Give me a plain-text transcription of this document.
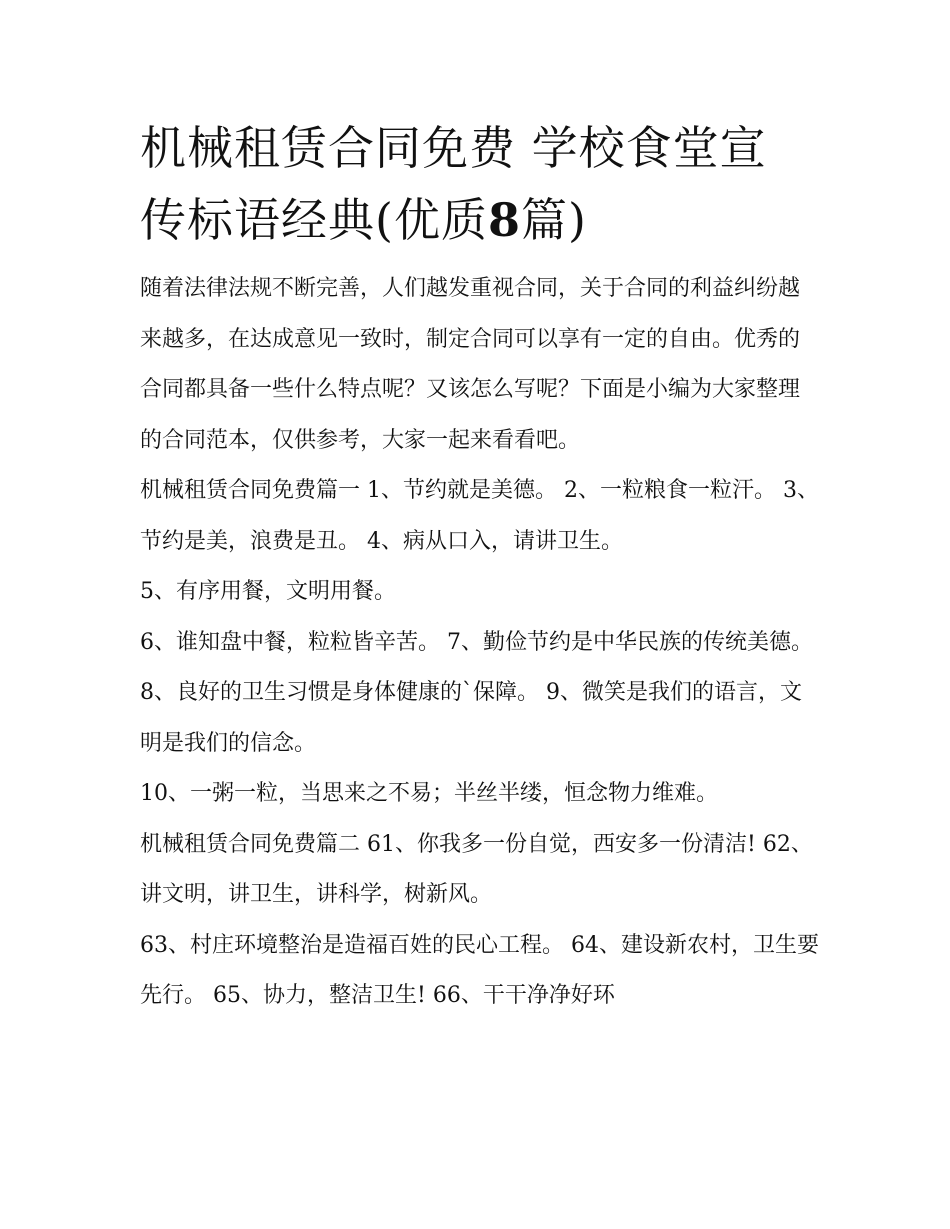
机械租赁合同免费 学校食堂宣
传标语经典(优质8篇)

随着法律法规不断完善，人们越发重视合同，关于合同的利益纠纷越来越多，在达成意见一致时，制定合同可以享有一定的自由。优秀的合同都具备一些什么特点呢？又该怎么写呢？下面是小编为大家整理的合同范本，仅供参考，大家一起来看看吧。

机械租赁合同免费篇一 1、节约就是美德。 2、一粒粮食一粒汗。 3、节约是美，浪费是丑。 4、病从口入，请讲卫生。

5、有序用餐，文明用餐。

6、谁知盘中餐，粒粒皆辛苦。 7、勤俭节约是中华民族的传统美德。 8、良好的卫生习惯是身体健康的`保障。 9、微笑是我们的语言，文明是我们的信念。

10、一粥一粒，当思来之不易；半丝半缕，恒念物力维难。

机械租赁合同免费篇二 61、你我多一份自觉，西安多一份清洁! 62、讲文明，讲卫生，讲科学，树新风。

63、村庄环境整治是造福百姓的民心工程。 64、建设新农村，卫生要先行。 65、协力，整洁卫生! 66、干干净净好环
